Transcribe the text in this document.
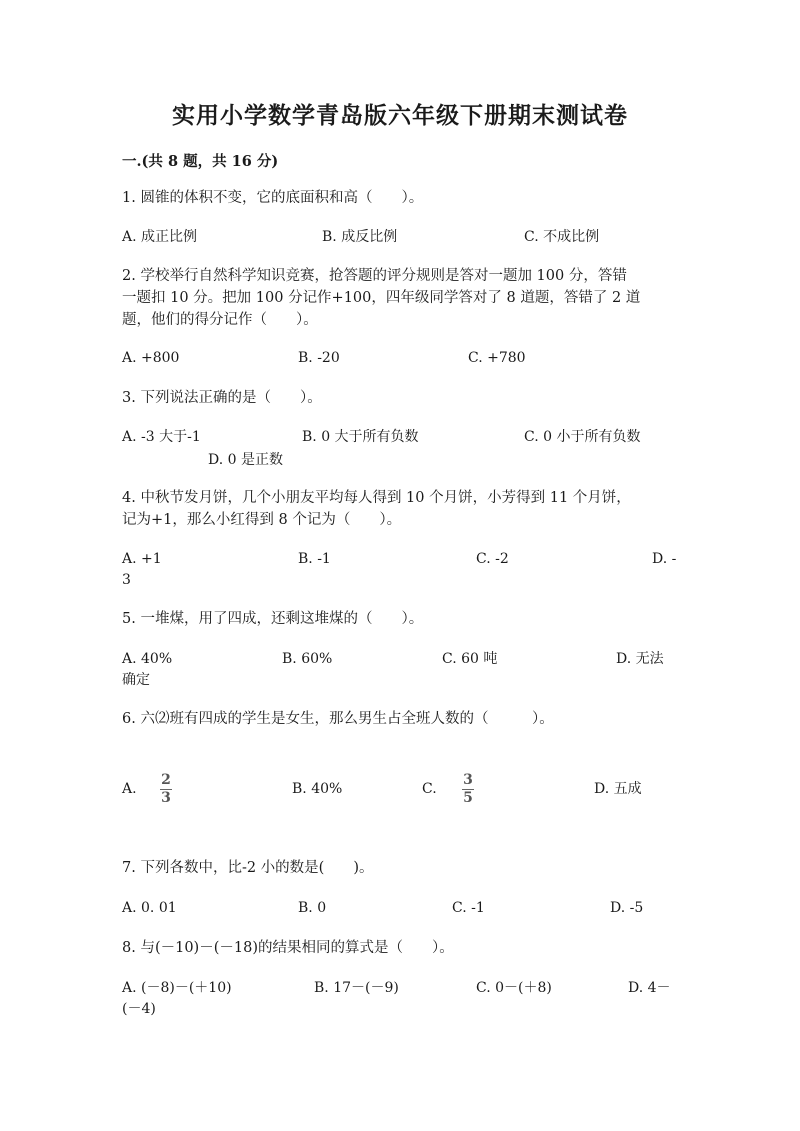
实用小学数学青岛版六年级下册期末测试卷
一.(共 8 题，共 16 分)
1. 圆锥的体积不变，它的底面积和高（　　）。
A. 成正比例	B. 成反比例	C. 不成比例
2. 学校举行自然科学知识竞赛，抢答题的评分规则是答对一题加 100 分，答错
一题扣 10 分。把加 100 分记作+100，四年级同学答对了 8 道题，答错了 2 道
题，他们的得分记作（　　）。
A. +800	B. -20	C. +780
3. 下列说法正确的是（　　）。
A. -3 大于-1	B. 0 大于所有负数	C. 0 小于所有负数
D. 0 是正数
4. 中秋节发月饼，几个小朋友平均每人得到 10 个月饼，小芳得到 11 个月饼，
记为+1，那么小红得到 8 个记为（　　）。
A. +1	B. -1	C. -2	D. -
3
5. 一堆煤，用了四成，还剩这堆煤的（　　）。
A. 40%	B. 60%	C. 60 吨	D. 无法
确定
6. 六⑵班有四成的学生是女生，那么男生占全班人数的（　　　）。
A.
2
3
B. 40%	C.
3
5
D. 五成
7. 下列各数中，比-2 小的数是(　　)。
A. 0. 01	B. 0	C. -1	D. -5
8. 与(－10)－(－18)的结果相同的算式是（　　）。
A. (－8)－(＋10)	B. 17－(－9)	C. 0－(＋8)	D. 4－
(－4)
